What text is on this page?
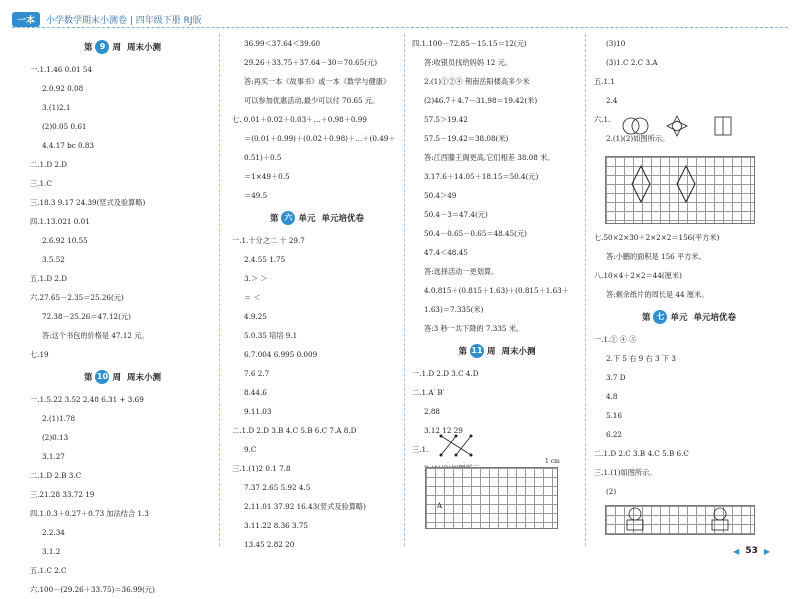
一本	小学数学期末小测卷 | 四年级下册 RJ版
第 9 周 周末小测
一.1.1.46 0.01 54
2.0.92 0.08
3.(1)2.1
(2)0.05 0.61
4.4.17 bc 0.83
二.1.D 2.D
三.1.C
三.18.3 9.17 24.39(竖式及验算略)
四.1.13.021 0.01
2.6.92 10.55
3.5.52
五.1.D 2.D
六.27.65－2.35＝25.26(元)
72.38－25.26＝47.12(元)
答:这个书包的价格是 47.12 元。
七.19
第 10 周 周末小测
一.1.5.22 3.52 2.48 6.31 + 3.69
2.(1)1.78
(2)0.13
3.1.27
二.1.D 2.B 3.C
三.21.28 33.72 19
四.1.0.3＋0.27＋0.73 加法结合 1.3
2.2.34
3.1.2
五.1.C 2.C
六.100－(29.26＋33.75)＝36.99(元)
36.99＜37.64＜39.60
29.26＋33.75＋37.64－30＝70.65(元)
答:再买一本《故事书》或一本《数学与健康》
可以参加优惠活动,最少可以付 70.65 元。
七. 0.01＋0.02＋0.03＋…＋0.98＋0.99
＝(0.01＋0.99)＋(0.02＋0.98)＋…＋(0.49＋
0.51)＋0.5
＝1×49＋0.5
＝49.5
第 六 单元 单元培优卷
一.1.十分之二 十 29.7
2.4.55 1.75
3.＞ ＞
＝ ＜
4.9.25
5.0.35 培培 9.1
6.7.004 6.995 0.009
7.6 2.7
8.44.6
9.11.03
二.1.D 2.D 3.B 4.C 5.B 6.C 7.A 8.D
9.C
三.1.(1)2 0.1 7.8
7.37 2.65 5.92 4.5
2.11.01 37.92 16.43(竖式及验算略)
3.11.22 8.36 3.75
13.45 2.82 20
四.1.100－72.85－15.15＝12(元)
答:收银员找给妈妈 12 元。
2.(1)①②④ 荆南岳阳楼高多少米
(2)46.7＋4.7－31.98＝19.42(米)
57.5＞19.42
57.5－19.42＝38.08(米)
答:江西滕王阁更高,它们相差 38.08 米。
3.17.6＋14.05＋18.15＝50.4(元)
50.4＞49
50.4－3＝47.4(元)
50.4－0.65－0.65＝48.45(元)
47.4＜48.45
答:选择活动一更划算。
4.0.815＋(0.815＋1.63)＋(0.815＋1.63＋
1.63)＝7.335(米)
答:3 秒一共下降的 7.335 米。
第 11 周 周末小测
一.1.D 2.D 3.C 4.D
二.1.A′ B′
2.88
3.12 12 29
三.1.
1 cm
A
(3)10
(3)1.C 2.C 3.A
五.1.1
2.4
六.1.
2.(1)(2)如图所示。
七.50×2×30＋2×2×2＝156(平方米)
答:小鹏的面积是 156 平方米。
八.10×4＋2×2＝44(厘米)
答:剩余纸片的周长是 44 厘米。
第 七 单元 单元培优卷
一.1.① ④ ⑤
2.下 5 右 9 右 3 下 3
3.7 D
4.8
5.16
6.22
二.1.D 2.C 3.B 4.C 5.B 6.C
三.1.(1)如图所示。
(2)
◀ 53 ▶
